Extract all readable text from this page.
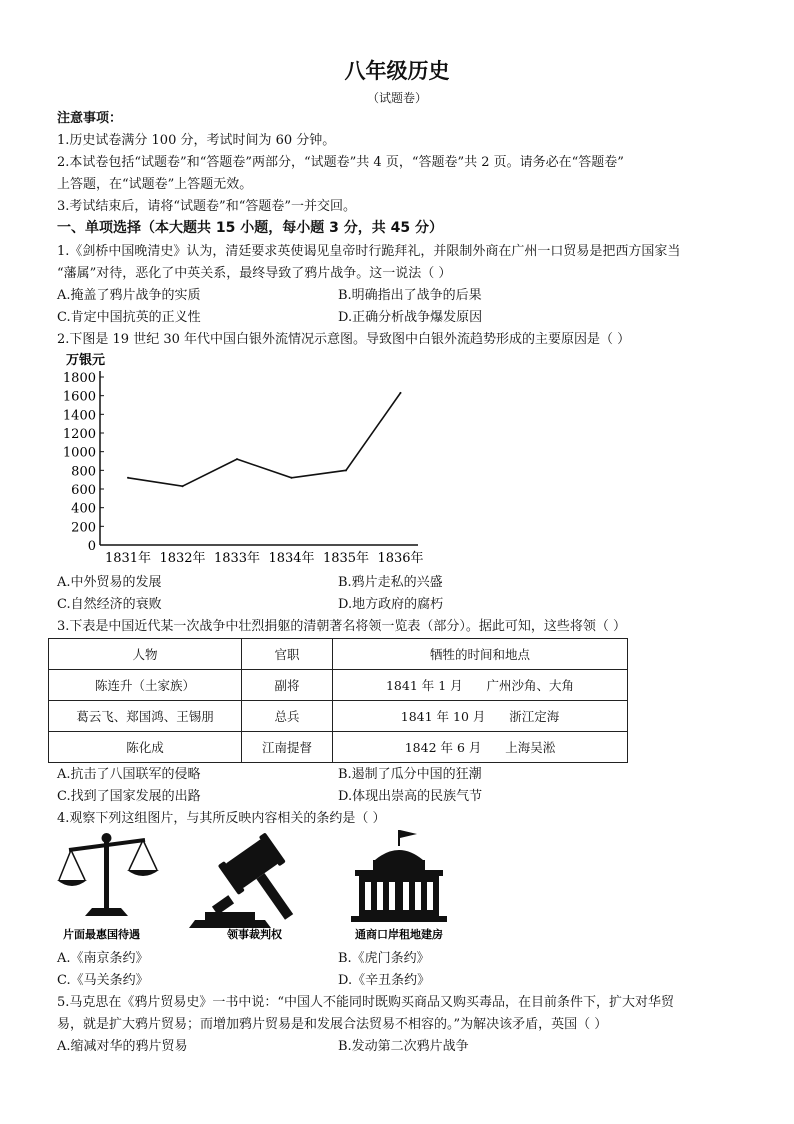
八年级历史
（试题卷）
注意事项：
1.历史试卷满分 100 分，考试时间为 60 分钟。
2.本试卷包括“试题卷”和“答题卷”两部分，“试题卷”共 4 页，“答题卷”共 2 页。请务必在“答题卷”
上答题，在“试题卷”上答题无效。
3.考试结束后，请将“试题卷”和“答题卷”一并交回。
一、单项选择（本大题共 15 小题，每小题 3 分，共 45 分）
1.《剑桥中国晚清史》认为，清廷要求英使谒见皇帝时行跪拜礼，并限制外商在广州一口贸易是把西方国家当
“藩属”对待，恶化了中英关系，最终导致了鸦片战争。这一说法（ ）
A.掩盖了鸦片战争的实质	B.明确指出了战争的后果
C.肯定中国抗英的正义性	D.正确分析战争爆发原因
2.下图是 19 世纪 30 年代中国白银外流情况示意图。导致图中白银外流趋势形成的主要原因是（ ）
万银元
0
200
400
600
800
1000
1200
1400
1600
1800
1831年 1832年 1833年 1834年 1835年 1836年
A.中外贸易的发展	B.鸦片走私的兴盛
C.自然经济的衰败	D.地方政府的腐朽
3.下表是中国近代某一次战争中壮烈捐躯的清朝著名将领一览表（部分）。据此可知，这些将领（ ）
人物	官职	牺牲的时间和地点
陈连升（土家族）	副将	1841 年 1 月      广州沙角、大角
葛云飞、郑国鸿、王锡朋	总兵	1841 年 10 月      浙江定海
陈化成	江南提督	1842 年 6 月      上海吴淞
A.抗击了八国联军的侵略	B.遏制了瓜分中国的狂潮
C.找到了国家发展的出路	D.体现出崇高的民族气节
4.观察下列这组图片，与其所反映内容相关的条约是（ ）
片面最惠国待遇	领事裁判权	通商口岸租地建房
A.《南京条约》	B.《虎门条约》
C.《马关条约》	D.《辛丑条约》
5.马克思在《鸦片贸易史》一书中说：“中国人不能同时既购买商品又购买毒品，在目前条件下，扩大对华贸
易，就是扩大鸦片贸易；而增加鸦片贸易是和发展合法贸易不相容的。”为解决该矛盾，英国（ ）
A.缩减对华的鸦片贸易	B.发动第二次鸦片战争
